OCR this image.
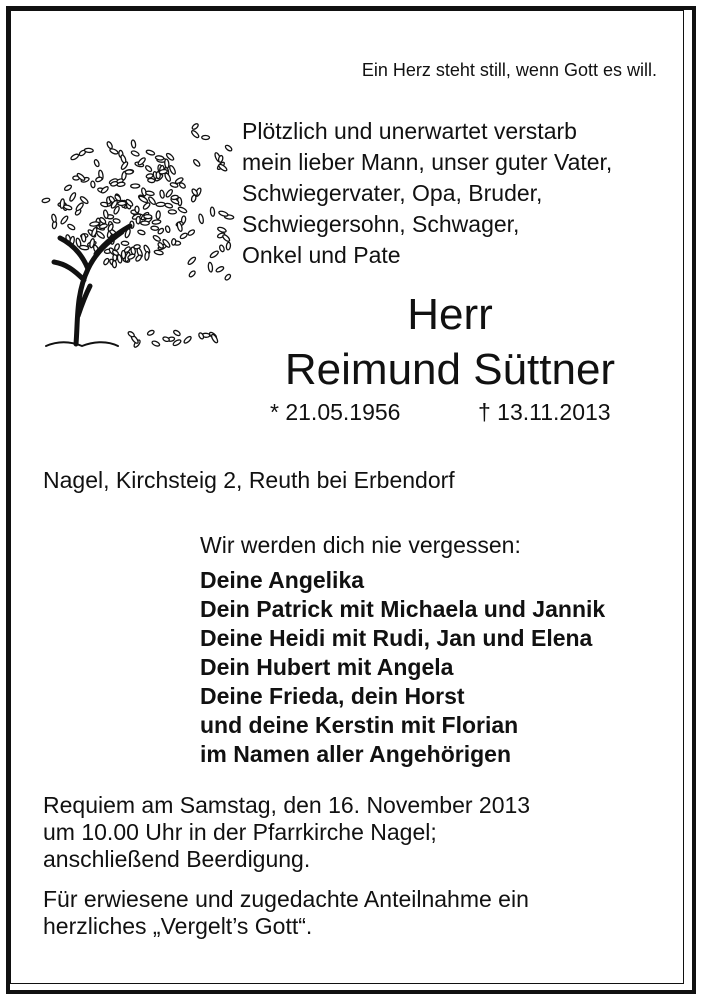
Ein Herz steht still, wenn Gott es will.

Plötzlich und unerwartet verstarb
mein lieber Mann, unser guter Vater,
Schwiegervater, Opa, Bruder,
Schwiegersohn, Schwager,
Onkel und Pate

Herr

Reimund Süttner

* 21.05.1956	† 13.11.2013

Nagel, Kirchsteig 2, Reuth bei Erbendorf

Wir werden dich nie vergessen:

Deine Angelika
Dein Patrick mit Michaela und Jannik
Deine Heidi mit Rudi, Jan und Elena
Dein Hubert mit Angela
Deine Frieda, dein Horst
und deine Kerstin mit Florian
im Namen aller Angehörigen
Requiem am Samstag, den 16. November 2013
um 10.00 Uhr in der Pfarrkirche Nagel;
anschließend Beerdigung.
Für erwiesene und zugedachte Anteilnahme ein
herzliches „Vergelt’s Gott“.
